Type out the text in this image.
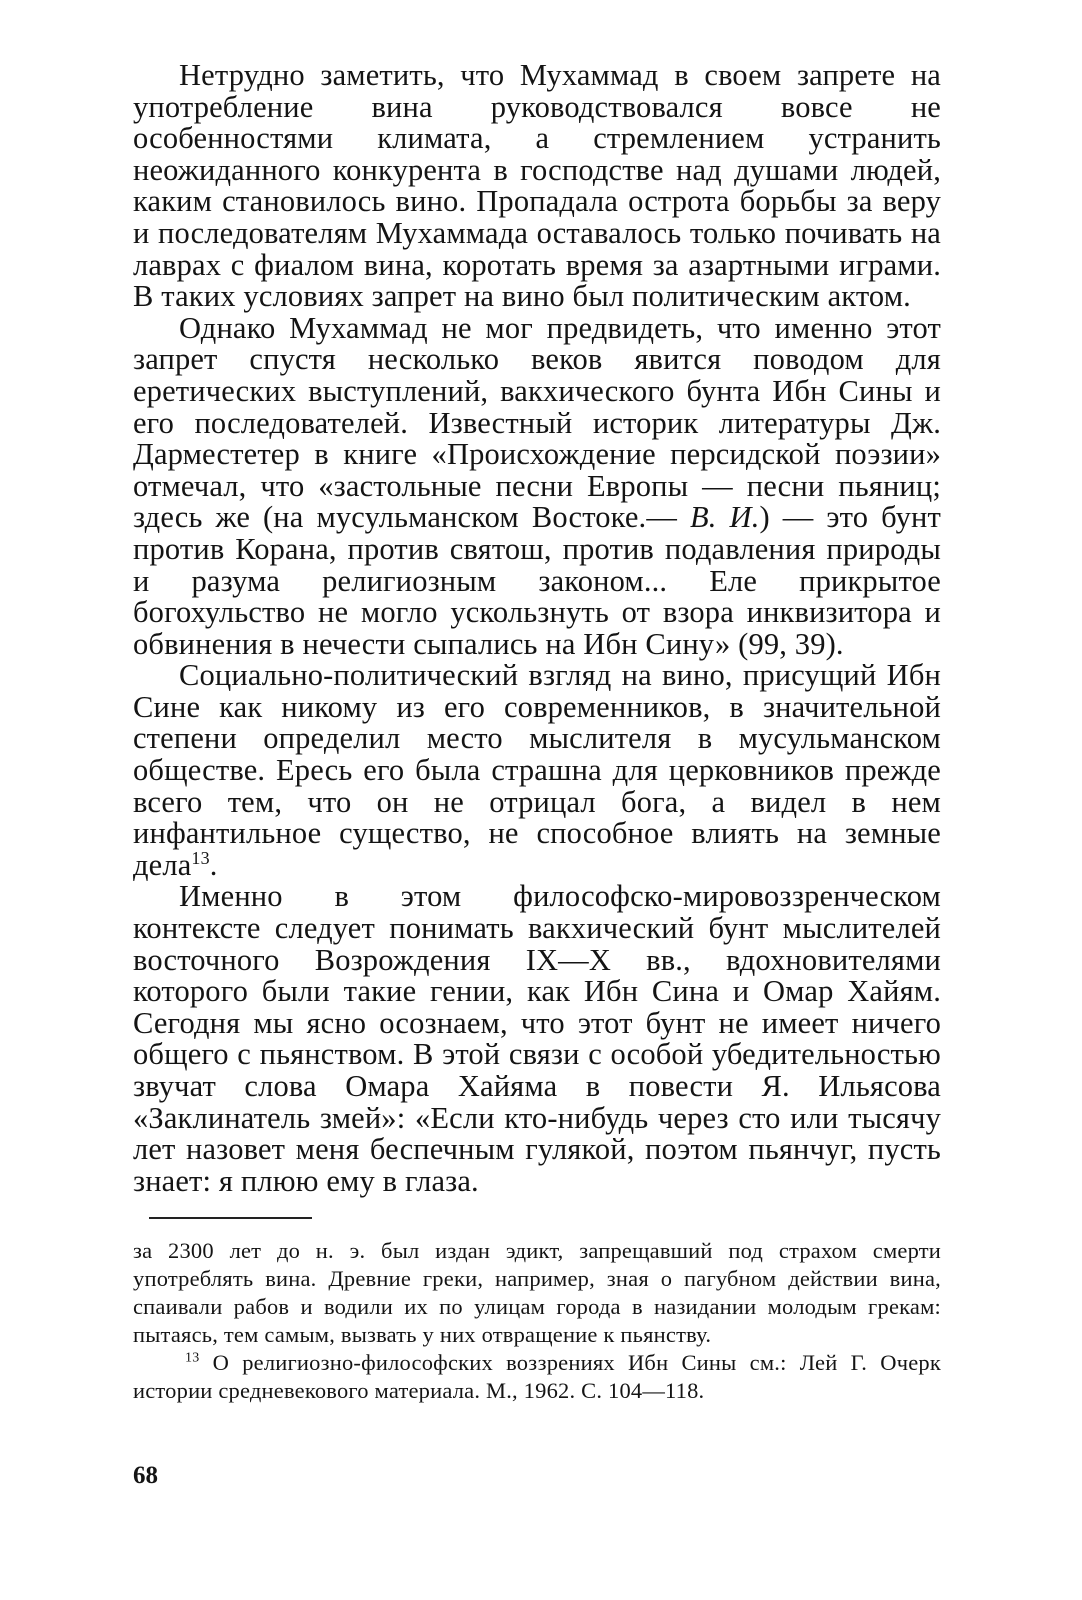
Нетрудно заметить, что Мухаммад в своем запрете на употребление вина руководствовался вовсе не особенностями климата, а стремлением устранить неожиданного конкурента в господстве над душами людей, каким становилось вино. Пропадала острота борьбы за веру и последователям Мухаммада оставалось только почивать на лаврах с фиалом вина, коротать время за азартными играми. В таких условиях запрет на вино был политическим актом.

Однако Мухаммад не мог предвидеть, что именно этот запрет спустя несколько веков явится поводом для еретических выступлений, вакхического бунта Ибн Сины и его последователей. Известный историк литературы Дж. Дарместетер в книге «Происхождение персидской поэзии» отмечал, что «застольные песни Европы — песни пьяниц; здесь же (на мусульманском Востоке.— В. И.) — это бунт против Корана, против святош, против подавления природы и разума религиозным законом... Еле прикрытое богохульство не могло ускользнуть от взора инквизитора и обвинения в нечести сыпались на Ибн Сину» (99, 39).

Социально-политический взгляд на вино, присущий Ибн Сине как никому из его современников, в значительной степени определил место мыслителя в мусульманском обществе. Ересь его была страшна для церковников прежде всего тем, что он не отрицал бога, а видел в нем инфантильное существо, не способное влиять на земные дела$^{13}$.

Именно в этом философско-мировоззренческом контексте следует понимать вакхический бунт мыслителей восточного Возрождения IX—X вв., вдохновителями которого были такие гении, как Ибн Сина и Омар Хайям. Сегодня мы ясно осознаем, что этот бунт не имеет ничего общего с пьянством. В этой связи с особой убедительностью звучат слова Омара Хайяма в повести Я. Ильясова «Заклинатель змей»: «Если кто-нибудь через сто или тысячу лет назовет меня беспечным гулякой, поэтом пьянчуг, пусть знает: я плюю ему в глаза.

за 2300 лет до н. э. был издан эдикт, запрещавший под страхом смерти употреблять вина. Древние греки, например, зная о пагубном действии вина, спаивали рабов и водили их по улицам города в назидании молодым грекам: пытаясь, тем самым, вызвать у них отвращение к пьянству.

$^{13}$ О религиозно-философских воззрениях Ибн Сины см.: Лей Г. Очерк истории средневекового материала. М., 1962. С. 104—118.

68
